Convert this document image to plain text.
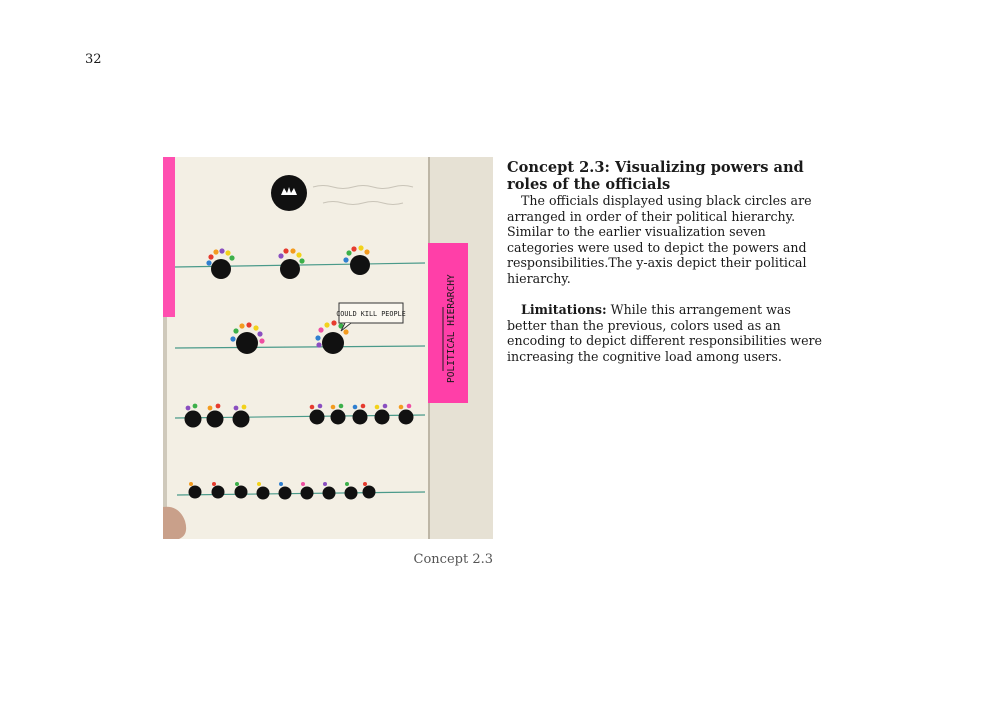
32
COULD KILL PEOPLE	POLITICAL HIERARCHY
Concept 2.3
Concept 2.3: Visualizing powers and roles of the officials

The officials displayed using black circles are arranged in order of their political hierarchy. Similar to the earlier visualization seven categories were used to depict the powers and responsibilities.The y-axis depict their political hierarchy.

Limitations: While this arrangement was better than the previous, colors used as an encoding to depict different responsibilities were increasing the cognitive load among users.
